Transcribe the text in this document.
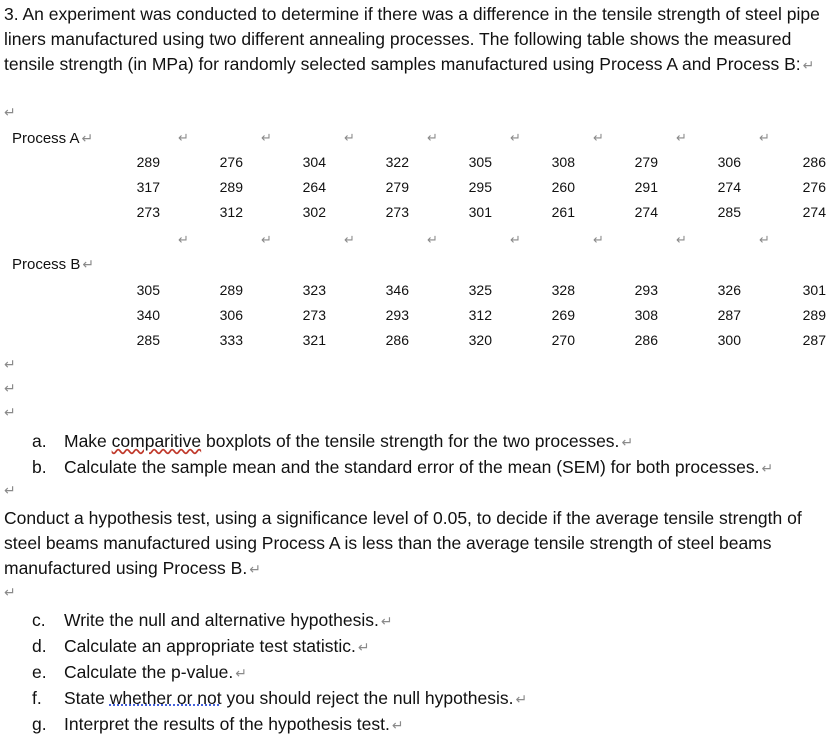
3. An experiment was conducted to determine if there was a difference in the tensile strength of steel pipe liners manufactured using two different annealing processes. The following table shows the measured tensile strength (in MPa) for randomly selected samples manufactured using Process A and Process B: ↵

↵
Process A ↵
289	276	304	322	305	308	279	306	286
317	289	264	279	295	260	291	274	276
273	312	302	273	301	261	274	285	274
Process B ↵
305	289	323	346	325	328	293	326	301
340	306	273	293	312	269	308	287	289
285	333	321	286	320	270	286	300	287
↵	↵	↵	↵	↵	↵	↵	↵
↵	↵	↵	↵	↵	↵	↵	↵
↵
↵
↵
a. Make comparitive boxplots of the tensile strength for the two processes. ↵
b. Calculate the sample mean and the standard error of the mean (SEM) for both processes. ↵
↵

Conduct a hypothesis test, using a significance level of 0.05, to decide if the average tensile strength of steel beams manufactured using Process A is less than the average tensile strength of steel beams manufactured using Process B. ↵

↵
c. Write the null and alternative hypothesis. ↵
d. Calculate an appropriate test statistic. ↵
e. Calculate the p-value. ↵
f. State whether or not you should reject the null hypothesis. ↵
g. Interpret the results of the hypothesis test. ↵
